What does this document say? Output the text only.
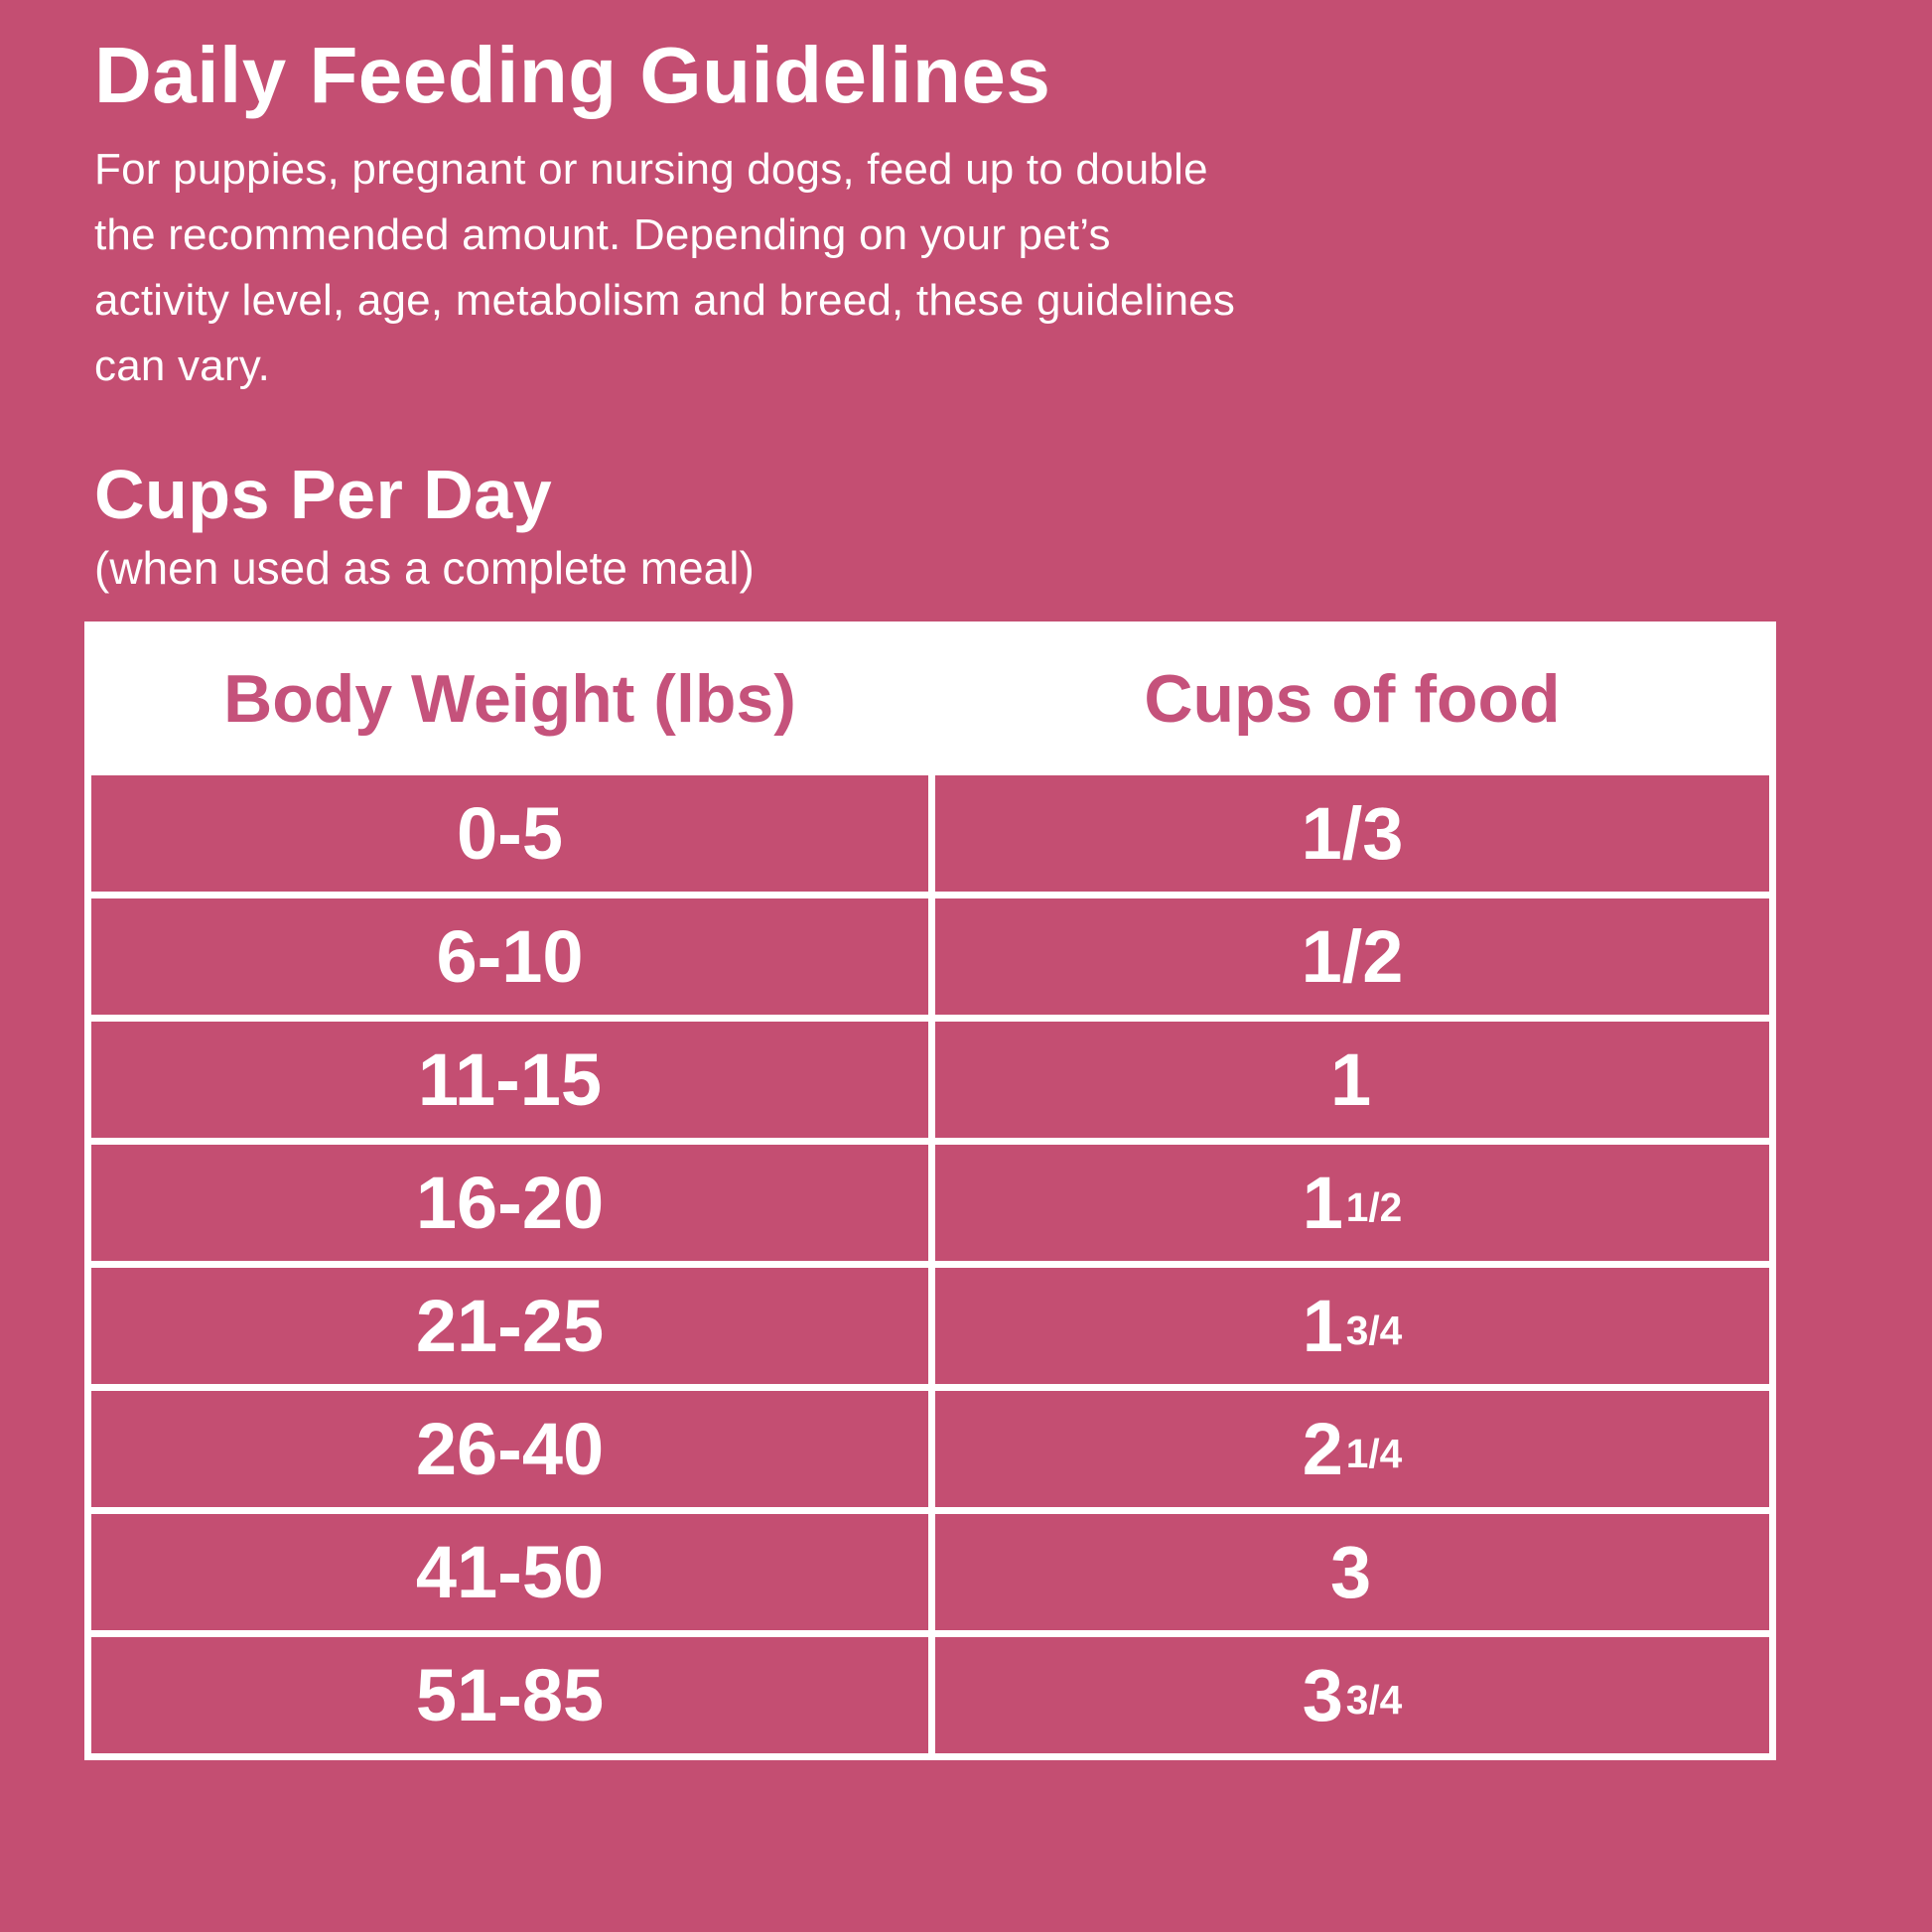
Daily Feeding Guidelines
For puppies, pregnant or nursing dogs, feed up to double
the recommended amount. Depending on your pet’s
activity level, age, metabolism and breed, these guidelines
can vary.
Cups Per Day
(when used as a complete meal)
Body Weight (lbs)	Cups of food
0-5	1/3
6-10	1/2
11-15	1
16-20	11/2
21-25	13/4
26-40	21/4
41-50	3
51-85	33/4
